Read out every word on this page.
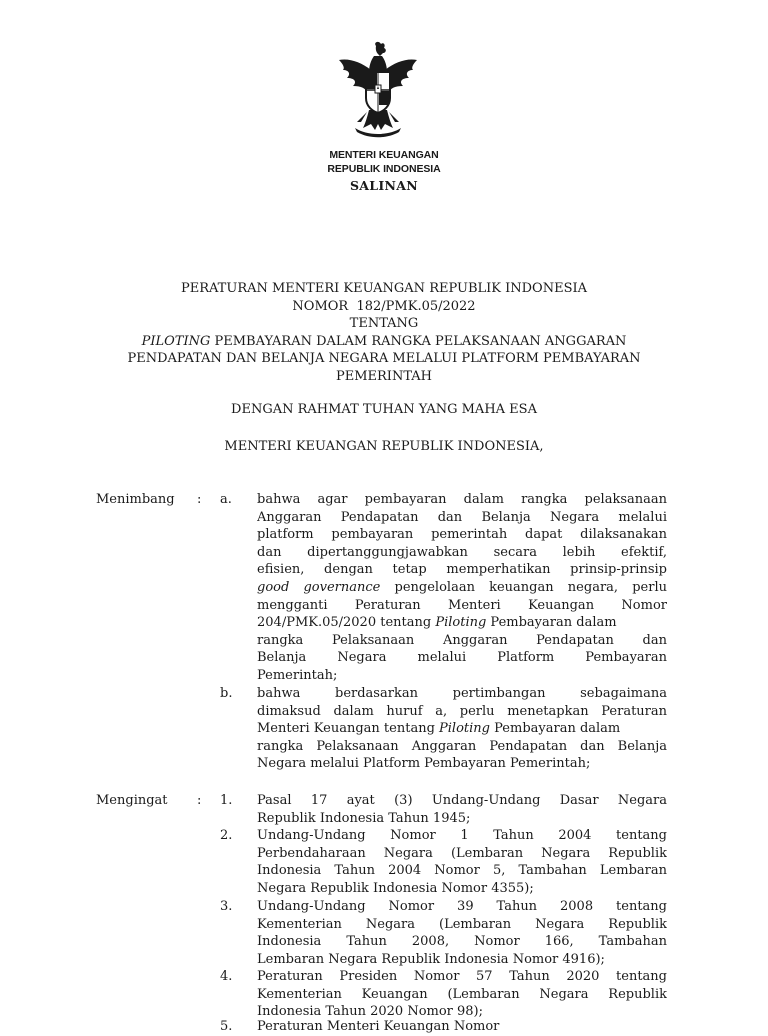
MENTERI KEUANGAN
REPUBLIK INDONESIA
SALINAN
PERATURAN MENTERI KEUANGAN REPUBLIK INDONESIA
NOMOR  182/PMK.05/2022
TENTANG
PILOTING PEMBAYARAN DALAM RANGKA PELAKSANAAN ANGGARAN
PENDAPATAN DAN BELANJA NEGARA MELALUI PLATFORM PEMBAYARAN
PEMERINTAH
DENGAN RAHMAT TUHAN YANG MAHA ESA
MENTERI KEUANGAN REPUBLIK INDONESIA,
Menimbang : a. bahwa agar pembayaran dalam rangka pelaksanaan
Anggaran Pendapatan dan Belanja Negara melalui
platform pembayaran pemerintah dapat dilaksanakan
dan dipertanggungjawabkan secara lebih efektif,
efisien, dengan tetap memperhatikan prinsip-prinsip
good governance pengelolaan keuangan negara, perlu
mengganti Peraturan Menteri Keuangan Nomor
204/PMK.05/2020 tentang Piloting Pembayaran dalam
rangka Pelaksanaan Anggaran Pendapatan dan
Belanja Negara melalui Platform Pembayaran
Pemerintah;
b. bahwa berdasarkan pertimbangan sebagaimana
dimaksud dalam huruf a, perlu menetapkan Peraturan
Menteri Keuangan tentang Piloting Pembayaran dalam
rangka Pelaksanaan Anggaran Pendapatan dan Belanja
Negara melalui Platform Pembayaran Pemerintah;
Mengingat : 1. Pasal 17 ayat (3) Undang-Undang Dasar Negara
Republik Indonesia Tahun 1945;
2. Undang-Undang Nomor 1 Tahun 2004 tentang
Perbendaharaan Negara (Lembaran Negara Republik
Indonesia Tahun 2004 Nomor 5, Tambahan Lembaran
Negara Republik Indonesia Nomor 4355);
3. Undang-Undang Nomor 39 Tahun 2008 tentang
Kementerian Negara (Lembaran Negara Republik
Indonesia Tahun 2008, Nomor 166, Tambahan
Lembaran Negara Republik Indonesia Nomor 4916);
4. Peraturan Presiden Nomor 57 Tahun 2020 tentang
Kementerian Keuangan (Lembaran Negara Republik
Indonesia Tahun 2020 Nomor 98);
5. Peraturan Menteri Keuangan Nomor
